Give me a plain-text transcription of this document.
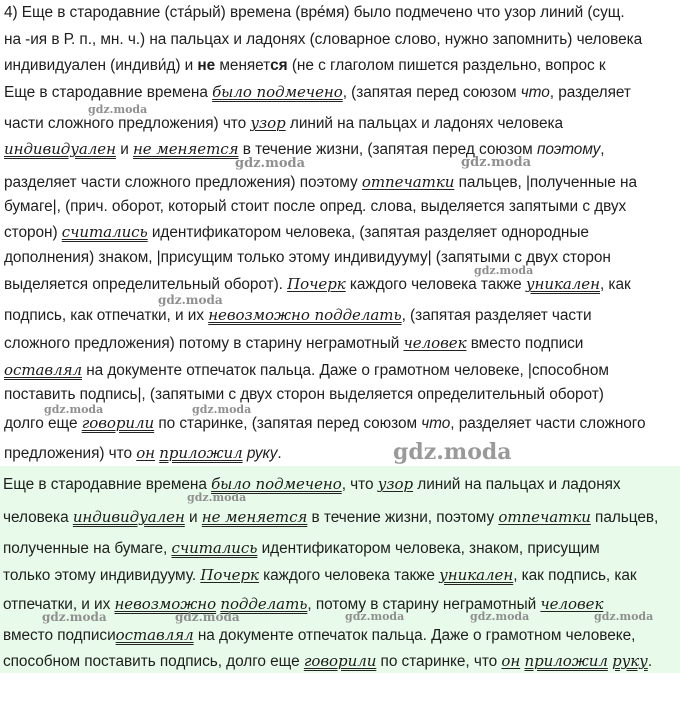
4) Еще в стародавние (ста́рый) времена (вре́мя) было подмечено что узор линий (сущ.
на -ия в Р. п., мн. ч.) на пальцах и ладонях (словарное слово, нужно запомнить) человека
индивидуален (индиви́д) и не меняется (не с глаголом пишется раздельно, вопрос к
Еще в стародавние времена было подмечено, (запятая перед союзом что, разделяет
части сложного предложения) что узор линий на пальцах и ладонях человека
индивидуален и не меняется в течение жизни, (запятая перед союзом поэтому,
разделяет части сложного предложения) поэтому отпечатки пальцев, |полученные на
бумаге|, (прич. оборот, который стоит после опред. слова, выделяется запятыми с двух
сторон) считались идентификатором человека, (запятая разделяет однородные
дополнения) знаком, |присущим только этому индивидууму| (запятыми с двух сторон
выделяется определительный оборот). Почерк каждого человека также уникален, как
подпись, как отпечатки, и их невозможно подделать, (запятая разделяет части
сложного предложения) потому в старину неграмотный человек вместо подписи
оставлял на документе отпечаток пальца. Даже о грамотном человеке, |способном
поставить подпись|, (запятыми с двух сторон выделяется определительный оборот)
долго еще говорили по старинке, (запятая перед союзом что, разделяет части сложного
предложения) что он приложил руку.
Еще в стародавние времена было подмечено, что узор линий на пальцах и ладонях
человека индивидуален и не меняется в течение жизни, поэтому отпечатки пальцев,
полученные на бумаге, считались идентификатором человека, знаком, присущим
только этому индивидууму. Почерк каждого человека также уникален, как подпись, как
отпечатки, и их невозможно подделать, потому в старину неграмотный человек
вместо подписиоставлял на документе отпечаток пальца. Даже о грамотном человеке,
способном поставить подпись, долго еще говорили по старинке, что он приложил руку.
gdz.moda
gdz.moda	gdz.moda
gdz.moda
gdz.moda
gdz.moda	gdz.moda
gdz.moda
gdz.moda
gdz.moda	gdz.moda	gdz.moda	gdz.moda	gdz.moda
